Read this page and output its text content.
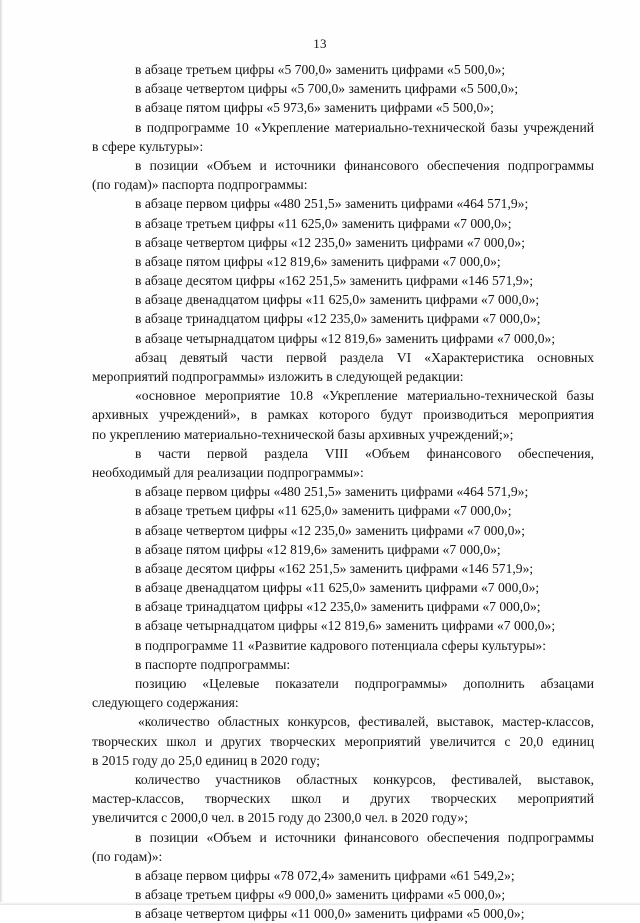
13
в абзаце третьем цифры «5 700,0» заменить цифрами «5 500,0»;
в абзаце четвертом цифры «5 700,0» заменить цифрами «5 500,0»;
в абзаце пятом цифры «5 973,6» заменить цифрами «5 500,0»;
в подпрограмме 10 «Укрепление материально-технической базы учреждений
в сфере культуры»:
в позиции «Объем и источники финансового обеспечения подпрограммы
(по годам)» паспорта подпрограммы:
в абзаце первом цифры «480 251,5» заменить цифрами «464 571,9»;
в абзаце третьем цифры «11 625,0» заменить цифрами «7 000,0»;
в абзаце четвертом цифры «12 235,0» заменить цифрами «7 000,0»;
в абзаце пятом цифры «12 819,6» заменить цифрами «7 000,0»;
в абзаце десятом цифры «162 251,5» заменить цифрами «146 571,9»;
в абзаце двенадцатом цифры «11 625,0» заменить цифрами «7 000,0»;
в абзаце тринадцатом цифры «12 235,0» заменить цифрами «7 000,0»;
в абзаце четырнадцатом цифры «12 819,6» заменить цифрами «7 000,0»;
абзац девятый части первой раздела VI «Характеристика основных
мероприятий подпрограммы» изложить в следующей редакции:
«основное мероприятие 10.8 «Укрепление материально-технической базы
архивных учреждений», в рамках которого будут производиться мероприятия
по укреплению материально-технической базы архивных учреждений;»;
в части первой раздела VIII «Объем финансового обеспечения,
необходимый для реализации подпрограммы»:
в абзаце первом цифры «480 251,5» заменить цифрами «464 571,9»;
в абзаце третьем цифры «11 625,0» заменить цифрами «7 000,0»;
в абзаце четвертом цифры «12 235,0» заменить цифрами «7 000,0»;
в абзаце пятом цифры «12 819,6» заменить цифрами «7 000,0»;
в абзаце десятом цифры «162 251,5» заменить цифрами «146 571,9»;
в абзаце двенадцатом цифры «11 625,0» заменить цифрами «7 000,0»;
в абзаце тринадцатом цифры «12 235,0» заменить цифрами «7 000,0»;
в абзаце четырнадцатом цифры «12 819,6» заменить цифрами «7 000,0»;
в подпрограмме 11 «Развитие кадрового потенциала сферы культуры»:
в паспорте подпрограммы:
позицию «Целевые показатели подпрограммы» дополнить абзацами
следующего содержания:
«количество областных конкурсов, фестивалей, выставок, мастер-классов,
творческих школ и других творческих мероприятий увеличится с 20,0 единиц
в 2015 году до 25,0 единиц в 2020 году;
количество участников областных конкурсов, фестивалей, выставок,
мастер-классов, творческих школ и других творческих мероприятий
увеличится с 2000,0 чел. в 2015 году до 2300,0 чел. в 2020 году»;
в позиции «Объем и источники финансового обеспечения подпрограммы
(по годам)»:
в абзаце первом цифры «78 072,4» заменить цифрами «61 549,2»;
в абзаце третьем цифры «9 000,0» заменить цифрами «5 000,0»;
в абзаце четвертом цифры «11 000,0» заменить цифрами «5 000,0»;
